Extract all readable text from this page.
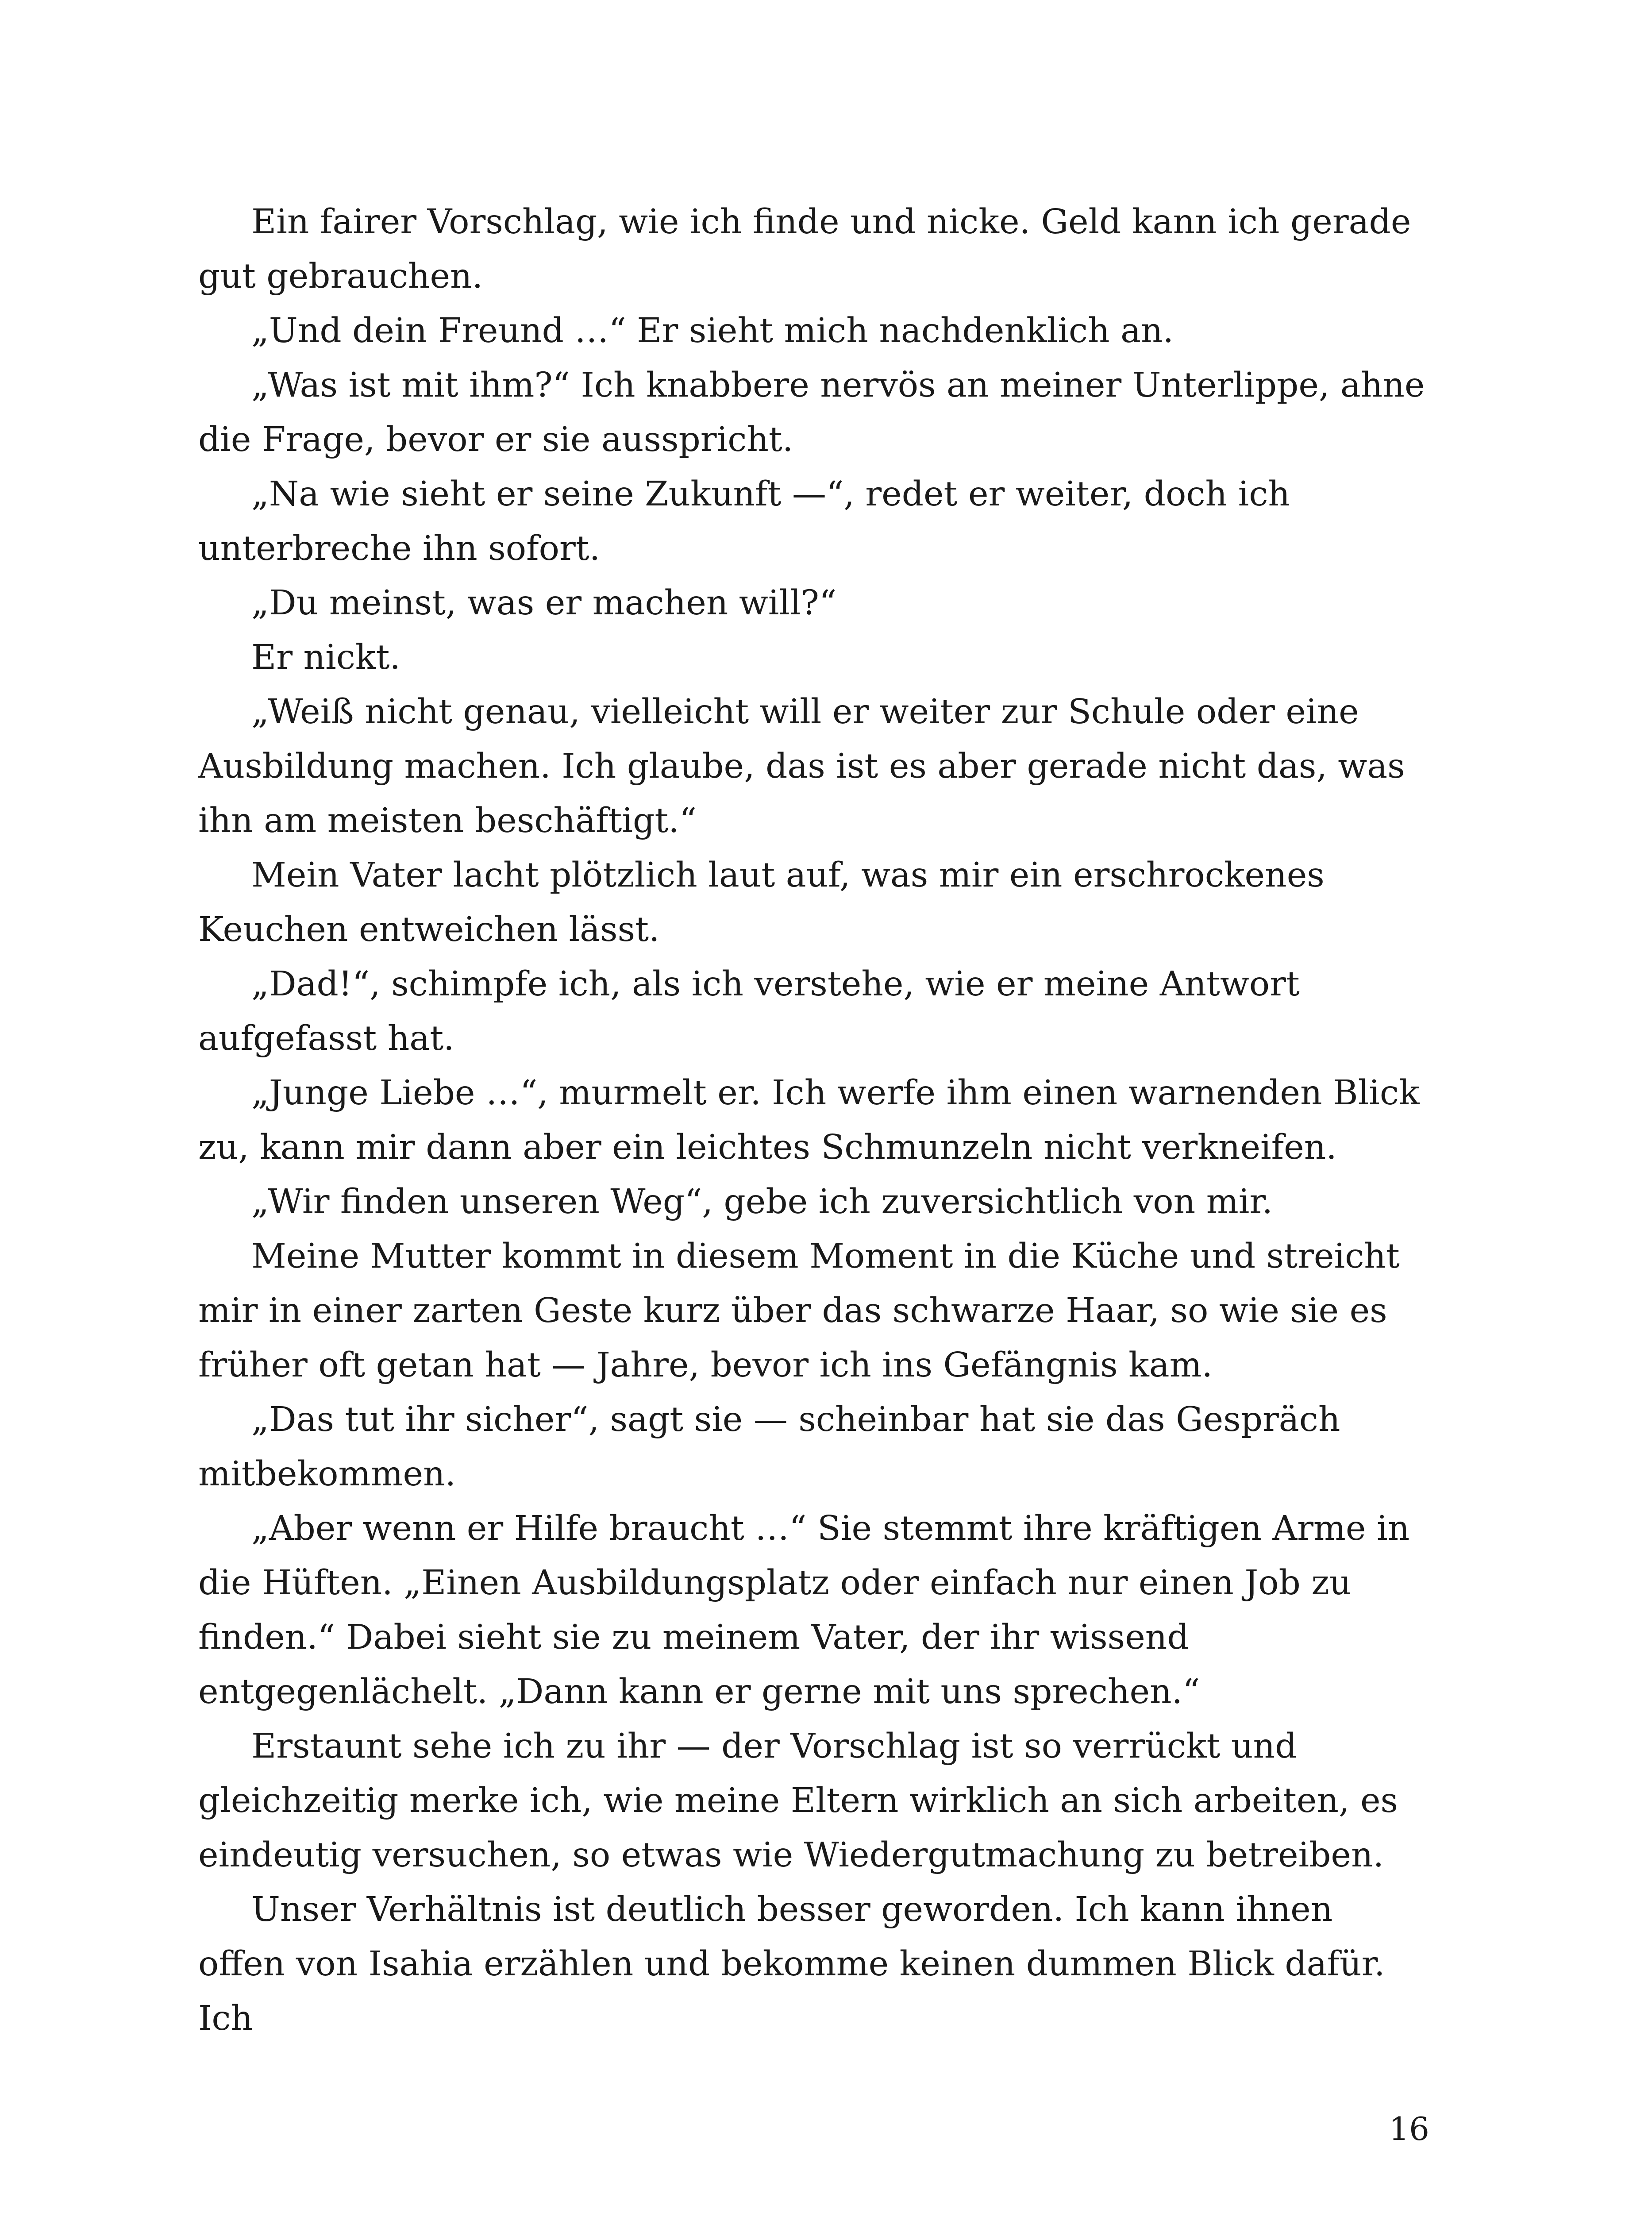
Ein fairer Vorschlag, wie ich finde und nicke. Geld kann ich gerade gut gebrauchen.

„Und dein Freund …“ Er sieht mich nachdenklich an.

„Was ist mit ihm?“ Ich knabbere nervös an meiner Unterlippe, ahne die Frage, bevor er sie ausspricht.

„Na wie sieht er seine Zukunft —“, redet er weiter, doch ich unterbreche ihn sofort.

„Du meinst, was er machen will?“

Er nickt.

„Weiß nicht genau, vielleicht will er weiter zur Schule oder eine Ausbildung machen. Ich glaube, das ist es aber gerade nicht das, was ihn am meisten beschäftigt.“

Mein Vater lacht plötzlich laut auf, was mir ein erschrockenes Keuchen entweichen lässt.

„Dad!“, schimpfe ich, als ich verstehe, wie er meine Antwort aufgefasst hat.

„Junge Liebe …“, murmelt er. Ich werfe ihm einen warnenden Blick zu, kann mir dann aber ein leichtes Schmunzeln nicht verkneifen.

„Wir finden unseren Weg“, gebe ich zuversichtlich von mir.

Meine Mutter kommt in diesem Moment in die Küche und streicht mir in einer zarten Geste kurz über das schwarze Haar, so wie sie es früher oft getan hat — Jahre, bevor ich ins Gefängnis kam.

„Das tut ihr sicher“, sagt sie — scheinbar hat sie das Gespräch mitbekommen.

„Aber wenn er Hilfe braucht …“ Sie stemmt ihre kräftigen Arme in die Hüften. „Einen Ausbildungsplatz oder einfach nur einen Job zu finden.“ Dabei sieht sie zu meinem Vater, der ihr wissend entgegenlächelt. „Dann kann er gerne mit uns sprechen.“

Erstaunt sehe ich zu ihr — der Vorschlag ist so verrückt und gleichzeitig merke ich, wie meine Eltern wirklich an sich arbeiten, es eindeutig versuchen, so etwas wie Wiedergutmachung zu betreiben.

Unser Verhältnis ist deutlich besser geworden. Ich kann ihnen offen von Isahia erzählen und bekomme keinen dummen Blick dafür. Ich

16
